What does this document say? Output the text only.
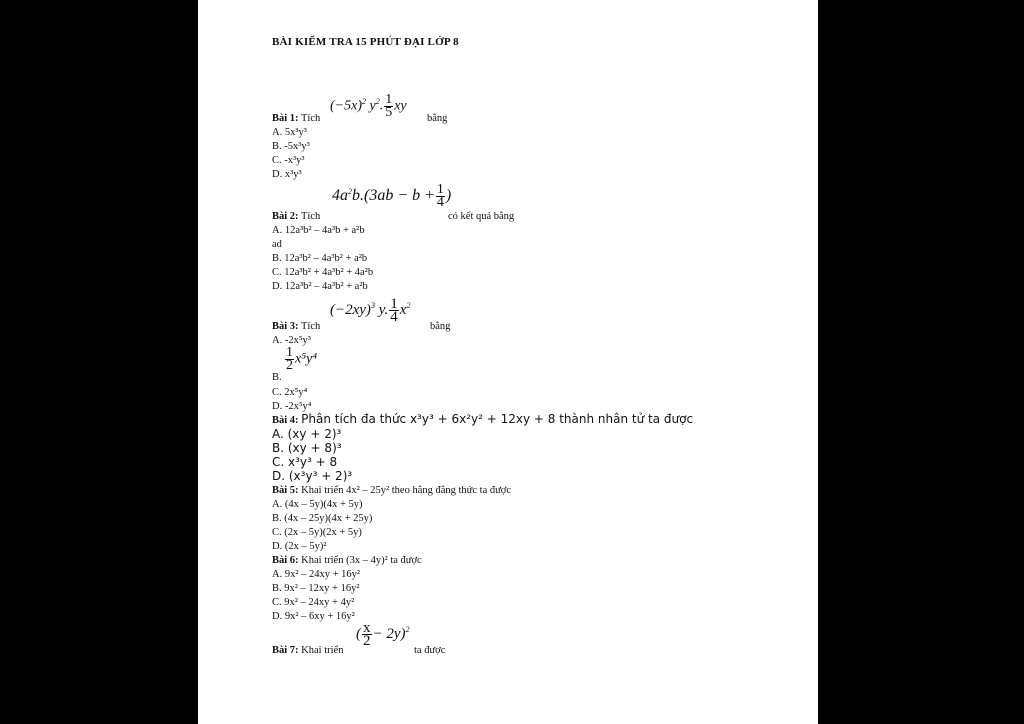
BÀI KIỂM TRA 15 PHÚT ĐẠI LỚP 8
$(-5x)^2$ $y^2$. $\frac{1}{5}$ xy
Bài 1: Tích	bằng
A. 5x³y³
B. -5x³y³
C. -x³y³
D. x³y³
$4a^2b.(3ab - b + \frac{1}{4}$ )
Bài 2: Tích	có kết quả bằng
A. 12a³b² – 4a³b + a²b
ad
B. 12a³b² – 4a³b² + a²b
C. 12a³b² + 4a³b² + 4a²b
D. 12a³b² – 4a³b² + a²b
$(-2xy)^3$ y. $\frac{1}{4} x^2$
Bài 3: Tích	bằng
A. -2x⁵y³
B.
$\frac{1}{2} x^5y^4$
C. 2x⁵y⁴
D. -2x⁵y⁴
Bài 4: Phân tích đa thức x³y³ + 6x²y² + 12xy + 8 thành nhân tử ta được
A. (xy + 2)³
B. (xy + 8)³
C. x³y³ + 8
D. (x³y³ + 2)³
Bài 5: Khai triển 4x² – 25y² theo hằng đẳng thức ta được
A. (4x – 5y)(4x + 5y)
B. (4x – 25y)(4x + 25y)
C. (2x – 5y)(2x + 5y)
D. (2x – 5y)²
Bài 6: Khai triển (3x – 4y)² ta được
A. 9x² – 24xy + 16y²
B. 9x² – 12xy + 16y²
C. 9x² – 24xy + 4y²
D. 9x² – 6xy + 16y²
( $\frac{x}{2} - 2y)^2$
Bài 7: Khai triển	ta được
